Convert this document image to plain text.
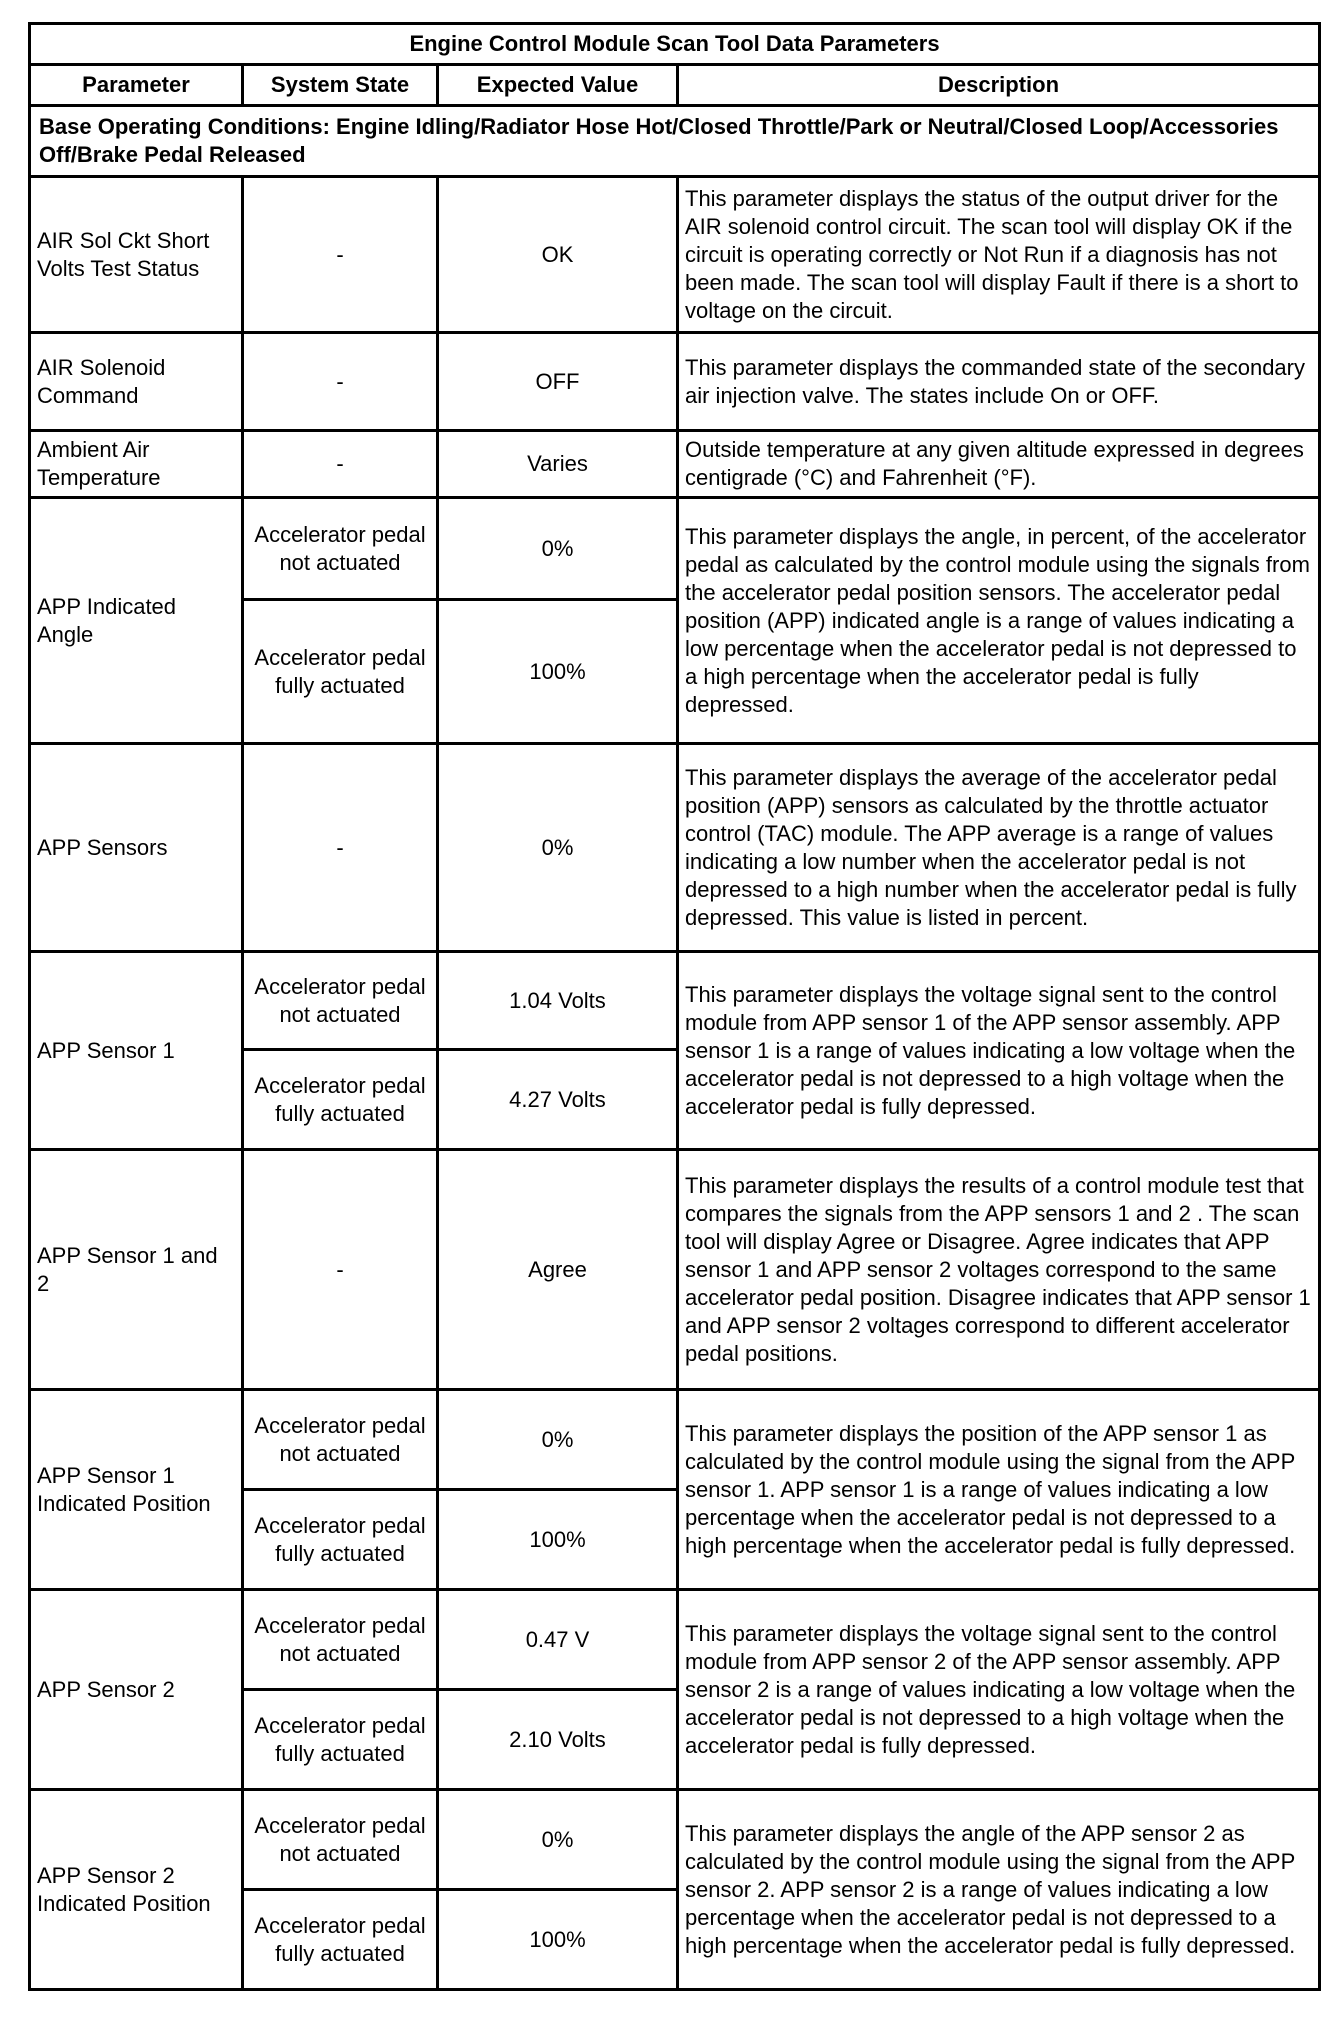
Engine Control Module Scan Tool Data Parameters			
Parameter	System State	Expected Value	Description
Base Operating Conditions: Engine Idling/Radiator Hose Hot/Closed Throttle/Park or Neutral/Closed Loop/Accessories Off/Brake Pedal Released			
AIR Sol Ckt Short Volts Test Status	-	OK	This parameter displays the status of the output driver for the AIR solenoid control circuit. The scan tool will display OK if the circuit is operating correctly or Not Run if a diagnosis has not been made. The scan tool will display Fault if there is a short to voltage on the circuit.
AIR Solenoid Command	-	OFF	This parameter displays the commanded state of the secondary air injection valve. The states include On or OFF.
Ambient Air Temperature	-	Varies	Outside temperature at any given altitude expressed in degrees centigrade (°C) and Fahrenheit (°F).
APP Indicated Angle	Accelerator pedal not actuated	0%	This parameter displays the angle, in percent, of the accelerator pedal as calculated by the control module using the signals from the accelerator pedal position sensors. The accelerator pedal position (APP) indicated angle is a range of values indicating a low percentage when the accelerator pedal is not depressed to a high percentage when the accelerator pedal is fully depressed.
	Accelerator pedal fully actuated	100%	
APP Sensors	-	0%	This parameter displays the average of the accelerator pedal position (APP) sensors as calculated by the throttle actuator control (TAC) module. The APP average is a range of values indicating a low number when the accelerator pedal is not depressed to a high number when the accelerator pedal is fully depressed. This value is listed in percent.
APP Sensor 1	Accelerator pedal not actuated	1.04 Volts	This parameter displays the voltage signal sent to the control module from APP sensor 1 of the APP sensor assembly. APP sensor 1 is a range of values indicating a low voltage when the accelerator pedal is not depressed to a high voltage when the accelerator pedal is fully depressed.
	Accelerator pedal fully actuated	4.27 Volts	
APP Sensor 1 and 2	-	Agree	This parameter displays the results of a control module test that compares the signals from the APP sensors 1 and 2 . The scan tool will display Agree or Disagree. Agree indicates that APP sensor 1 and APP sensor 2 voltages correspond to the same accelerator pedal position. Disagree indicates that APP sensor 1 and APP sensor 2 voltages correspond to different accelerator pedal positions.
APP Sensor 1 Indicated Position	Accelerator pedal not actuated	0%	This parameter displays the position of the APP sensor 1 as calculated by the control module using the signal from the APP sensor 1. APP sensor 1 is a range of values indicating a low percentage when the accelerator pedal is not depressed to a high percentage when the accelerator pedal is fully depressed.
	Accelerator pedal fully actuated	100%	
APP Sensor 2	Accelerator pedal not actuated	0.47 V	This parameter displays the voltage signal sent to the control module from APP sensor 2 of the APP sensor assembly. APP sensor 2 is a range of values indicating a low voltage when the accelerator pedal is not depressed to a high voltage when the accelerator pedal is fully depressed.
	Accelerator pedal fully actuated	2.10 Volts	
APP Sensor 2 Indicated Position	Accelerator pedal not actuated	0%	This parameter displays the angle of the APP sensor 2 as calculated by the control module using the signal from the APP sensor 2. APP sensor 2 is a range of values indicating a low percentage when the accelerator pedal is not depressed to a high percentage when the accelerator pedal is fully depressed.
	Accelerator pedal fully actuated	100%	
